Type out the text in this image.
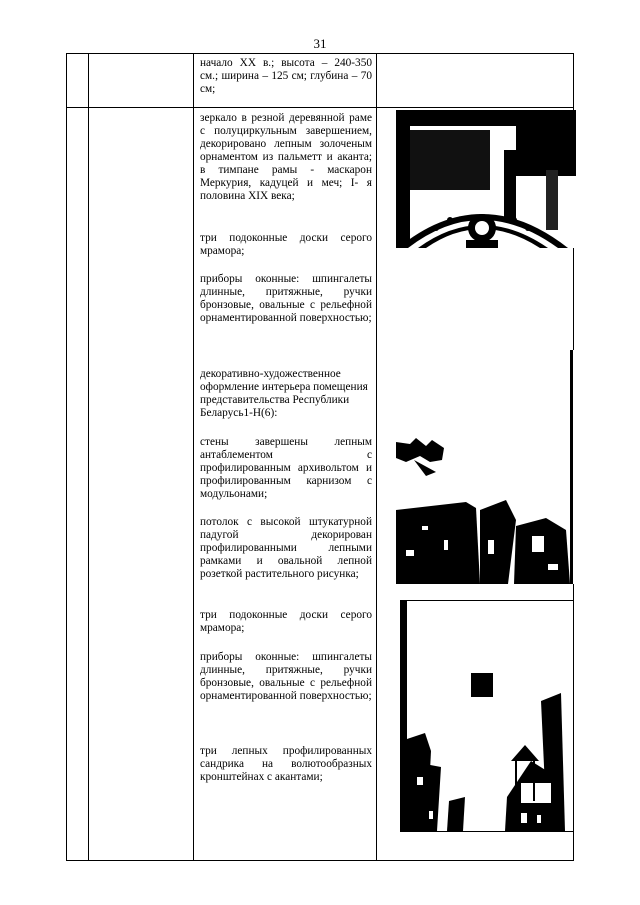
31

начало XX в.; высота – 240-350 см.; ширина – 125 см; глубина – 70 см;

зеркало в резной деревянной раме с полуциркульным завершением, декорировано лепным золоченым орнаментом из пальметт и аканта; в тимпане рамы - маскарон Меркурия, кадуцей и меч; I- я половина XIX века;

три подоконные доски серого мрамора;

приборы оконные: шпингалеты длинные, притяжные, ручки бронзовые, овальные с рельефной орнаментированной поверхностью;

декоративно-художественное оформление интерьера помещения представительства Республики Беларусь1-Н(6):

стены завершены лепным антаблементом с профилированным архивольтом и профилированным карнизом с модульонами;

потолок с высокой штукатурной падугой декорирован профилированными лепными рамками и овальной лепной розеткой растительного рисунка;

три подоконные доски серого мрамора;

приборы оконные: шпингалеты длинные, притяжные, ручки бронзовые, овальные с рельефной орнаментированной поверхностью;

три лепных профилированных сандрика на волютообразных кронштейнах с акантами;
